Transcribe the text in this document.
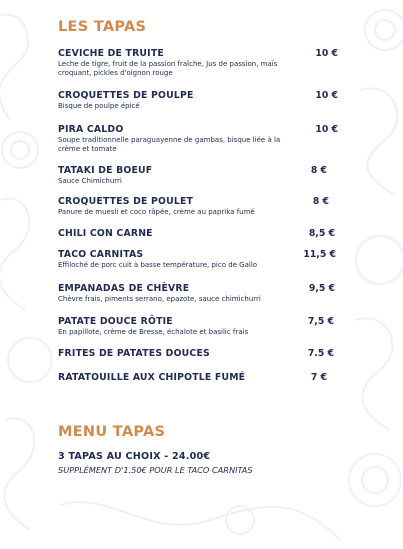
LES TAPAS
CEVICHE DE TRUITE
Leche de tigre, fruit de la passion fraîche, Jus de passion, maïs croquant, pickles d'oignon rouge
10 €
CROQUETTES DE POULPE
Bisque de poulpe épicé
10 €
PIRA CALDO
Soupe traditionnelle paraguayenne de gambas, bisque liée à la crème et tomate
10 €
TATAKI DE BOEUF
Sauce Chimichurri
8 €
CROQUETTES DE POULET
Panure de muesli et coco râpée, crème au paprika fumé
8 €
CHILI CON CARNE	8,5 €
TACO CARNITAS
Effiloché de porc cuit à basse température, pico de Gallo
11,5 €
EMPANADAS DE CHÈVRE
Chèvre frais, piments serrano, epazote, sauce chimichurri
9,5 €
PATATE DOUCE RÔTIE
En papillote, crème de Bresse, échalote et basilic frais
7,5 €
FRITES DE PATATES DOUCES	7.5 €
RATATOUILLE AUX CHIPOTLE FUMÉ	7 €
MENU TAPAS
3 TAPAS AU CHOIX - 24.00€
SUPPLÉMENT D'1.50€ POUR LE TACO CARNITAS
